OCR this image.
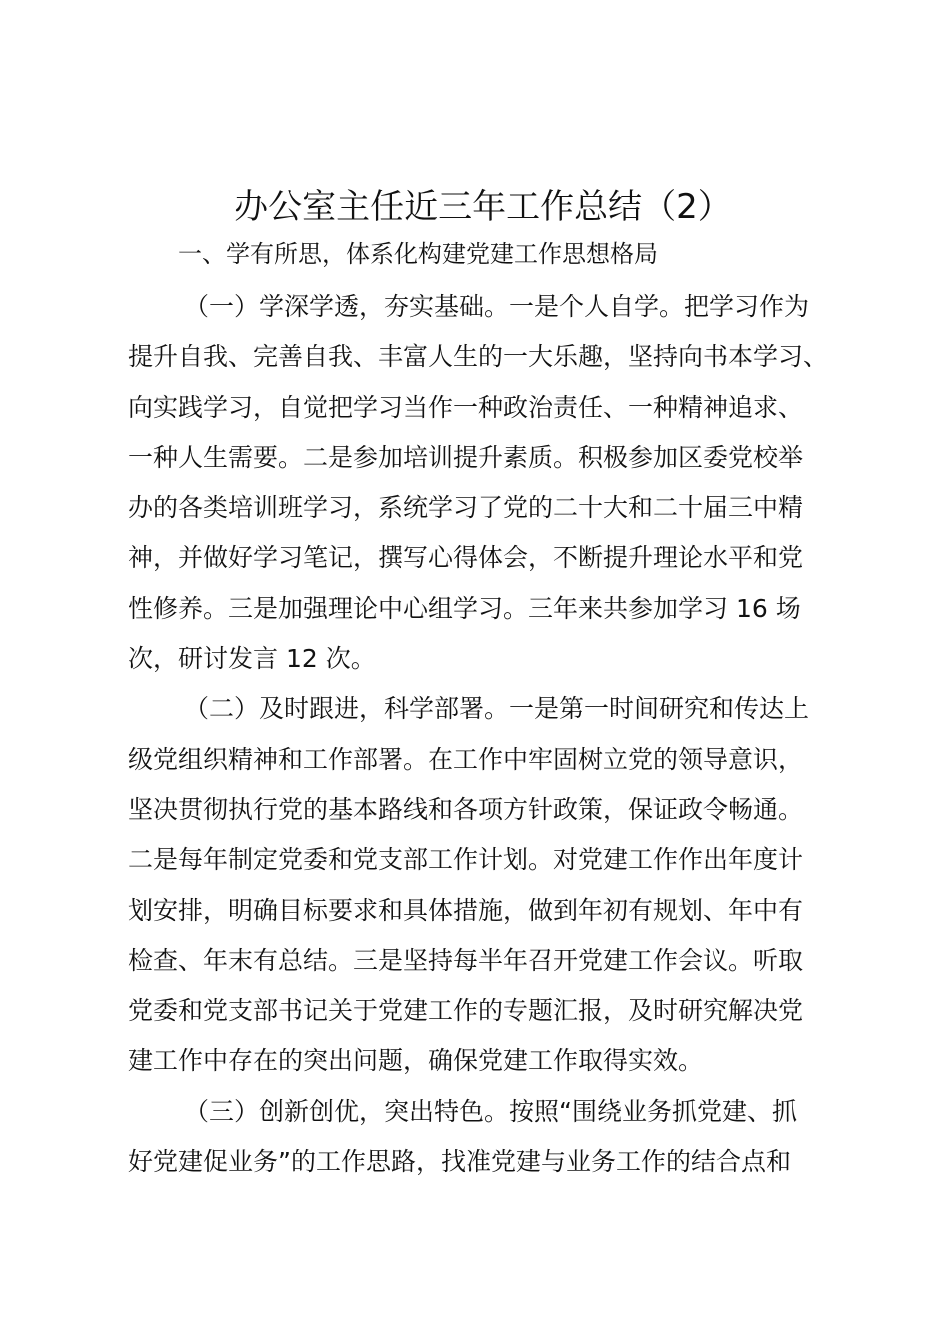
办公室主任近三年工作总结（2）

一、学有所思，体系化构建党建工作思想格局

（一）学深学透，夯实基础。一是个人自学。把学习作为
提升自我、完善自我、丰富人生的一大乐趣，坚持向书本学习、
向实践学习，自觉把学习当作一种政治责任、一种精神追求、
一种人生需要。二是参加培训提升素质。积极参加区委党校举
办的各类培训班学习，系统学习了党的二十大和二十届三中精
神，并做好学习笔记，撰写心得体会，不断提升理论水平和党
性修养。三是加强理论中心组学习。三年来共参加学习 16 场
次，研讨发言 12 次。

（二）及时跟进，科学部署。一是第一时间研究和传达上
级党组织精神和工作部署。在工作中牢固树立党的领导意识，
坚决贯彻执行党的基本路线和各项方针政策，保证政令畅通。
二是每年制定党委和党支部工作计划。对党建工作作出年度计
划安排，明确目标要求和具体措施，做到年初有规划、年中有
检查、年末有总结。三是坚持每半年召开党建工作会议。听取
党委和党支部书记关于党建工作的专题汇报，及时研究解决党
建工作中存在的突出问题，确保党建工作取得实效。

（三）创新创优，突出特色。按照“围绕业务抓党建、抓
好党建促业务”的工作思路，找准党建与业务工作的结合点和
